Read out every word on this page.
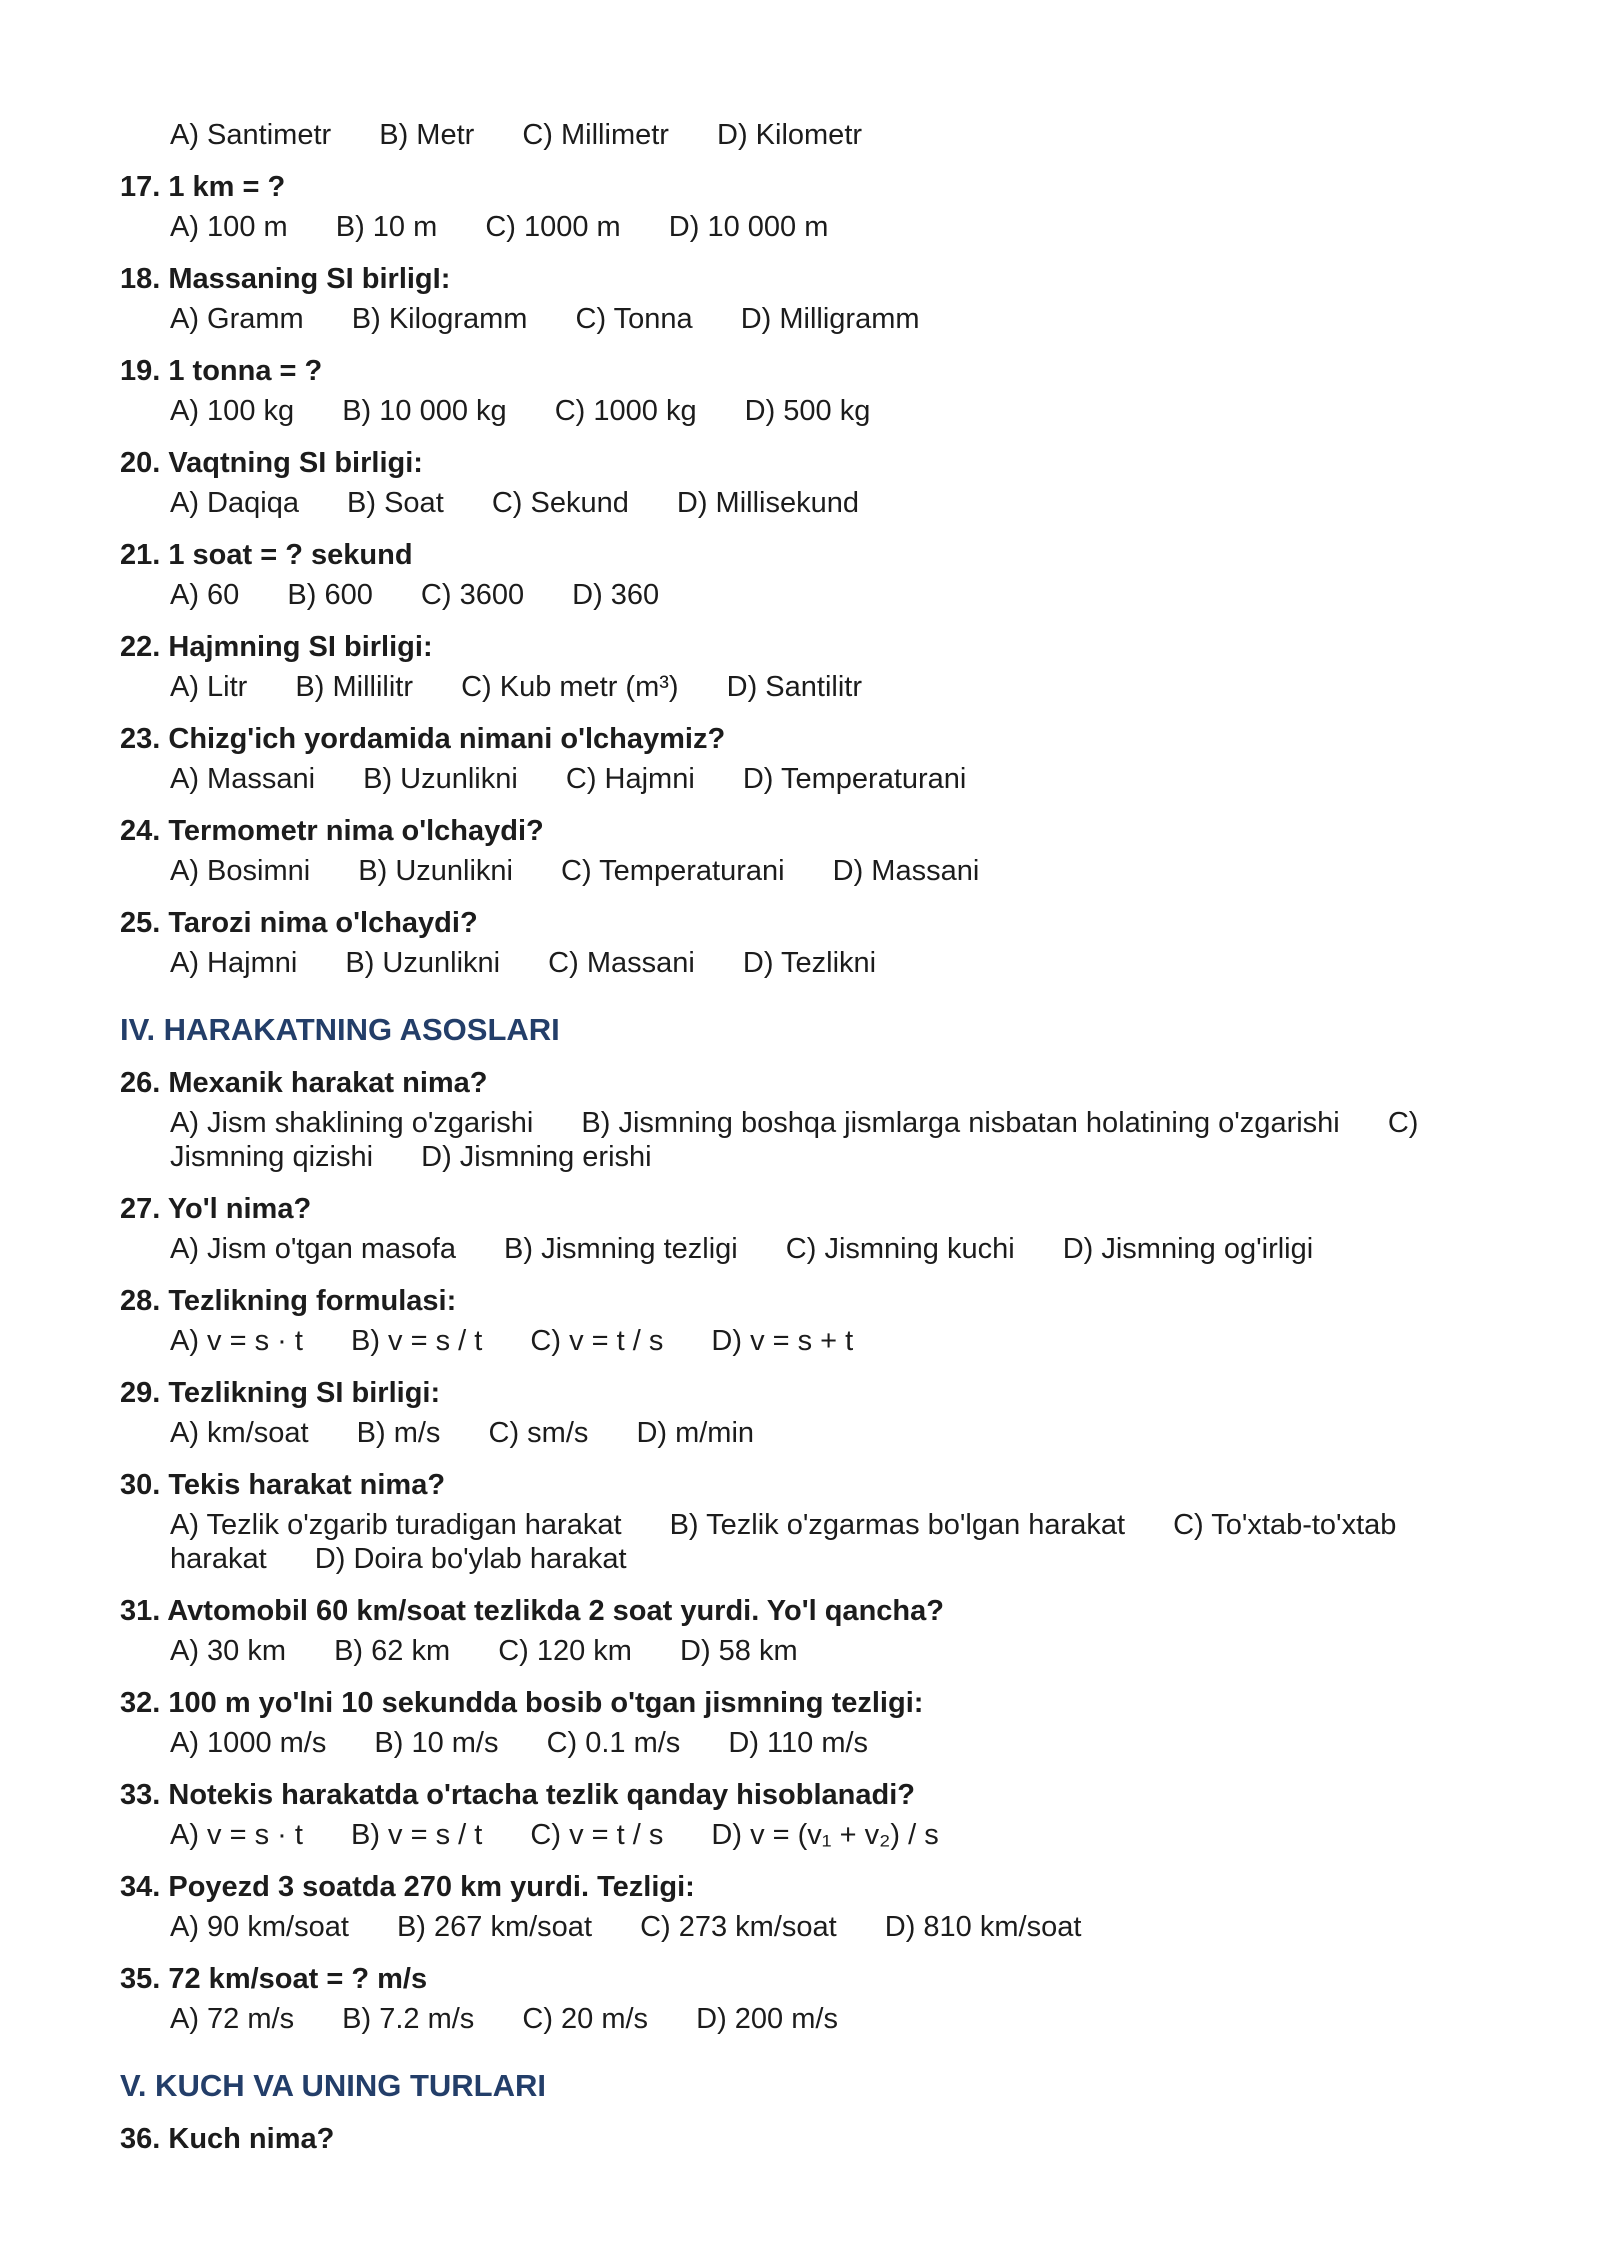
A) Santimetr B) Metr C) Millimetr D) Kilometr
17. 1 km = ?
A) 100 m B) 10 m C) 1000 m D) 10 000 m
18. Massaning SI birligI:
A) Gramm B) Kilogramm C) Tonna D) Milligramm
19. 1 tonna = ?
A) 100 kg B) 10 000 kg C) 1000 kg D) 500 kg
20. Vaqtning SI birligi:
A) Daqiqa B) Soat C) Sekund D) Millisekund
21. 1 soat = ? sekund
A) 60 B) 600 C) 3600 D) 360
22. Hajmning SI birligi:
A) Litr B) Millilitr C) Kub metr (m³) D) Santilitr
23. Chizg'ich yordamida nimani o'lchaymiz?
A) Massani B) Uzunlikni C) Hajmni D) Temperaturani
24. Termometr nima o'lchaydi?
A) Bosimni B) Uzunlikni C) Temperaturani D) Massani
25. Tarozi nima o'lchaydi?
A) Hajmni B) Uzunlikni C) Massani D) Tezlikni
IV. HARAKATNING ASOSLARI
26. Mexanik harakat nima?
A) Jism shaklining o'zgarishi B) Jismning boshqa jismlarga nisbatan holatining o'zgarishi C) Jismning qizishi D) Jismning erishi
27. Yo'l nima?
A) Jism o'tgan masofa B) Jismning tezligi C) Jismning kuchi D) Jismning og'irligi
28. Tezlikning formulasi:
A) v = s · t B) v = s / t C) v = t / s D) v = s + t
29. Tezlikning SI birligi:
A) km/soat B) m/s C) sm/s D) m/min
30. Tekis harakat nima?
A) Tezlik o'zgarib turadigan harakat B) Tezlik o'zgarmas bo'lgan harakat C) To'xtab-to'xtab harakat D) Doira bo'ylab harakat
31. Avtomobil 60 km/soat tezlikda 2 soat yurdi. Yo'l qancha?
A) 30 km B) 62 km C) 120 km D) 58 km
32. 100 m yo'lni 10 sekundda bosib o'tgan jismning tezligi:
A) 1000 m/s B) 10 m/s C) 0.1 m/s D) 110 m/s
33. Notekis harakatda o'rtacha tezlik qanday hisoblanadi?
A) v = s · t B) v = s / t C) v = t / s D) v = (v₁ + v₂) / s
34. Poyezd 3 soatda 270 km yurdi. Tezligi:
A) 90 km/soat B) 267 km/soat C) 273 km/soat D) 810 km/soat
35. 72 km/soat = ? m/s
A) 72 m/s B) 7.2 m/s C) 20 m/s D) 200 m/s
V. KUCH VA UNING TURLARI
36. Kuch nima?
